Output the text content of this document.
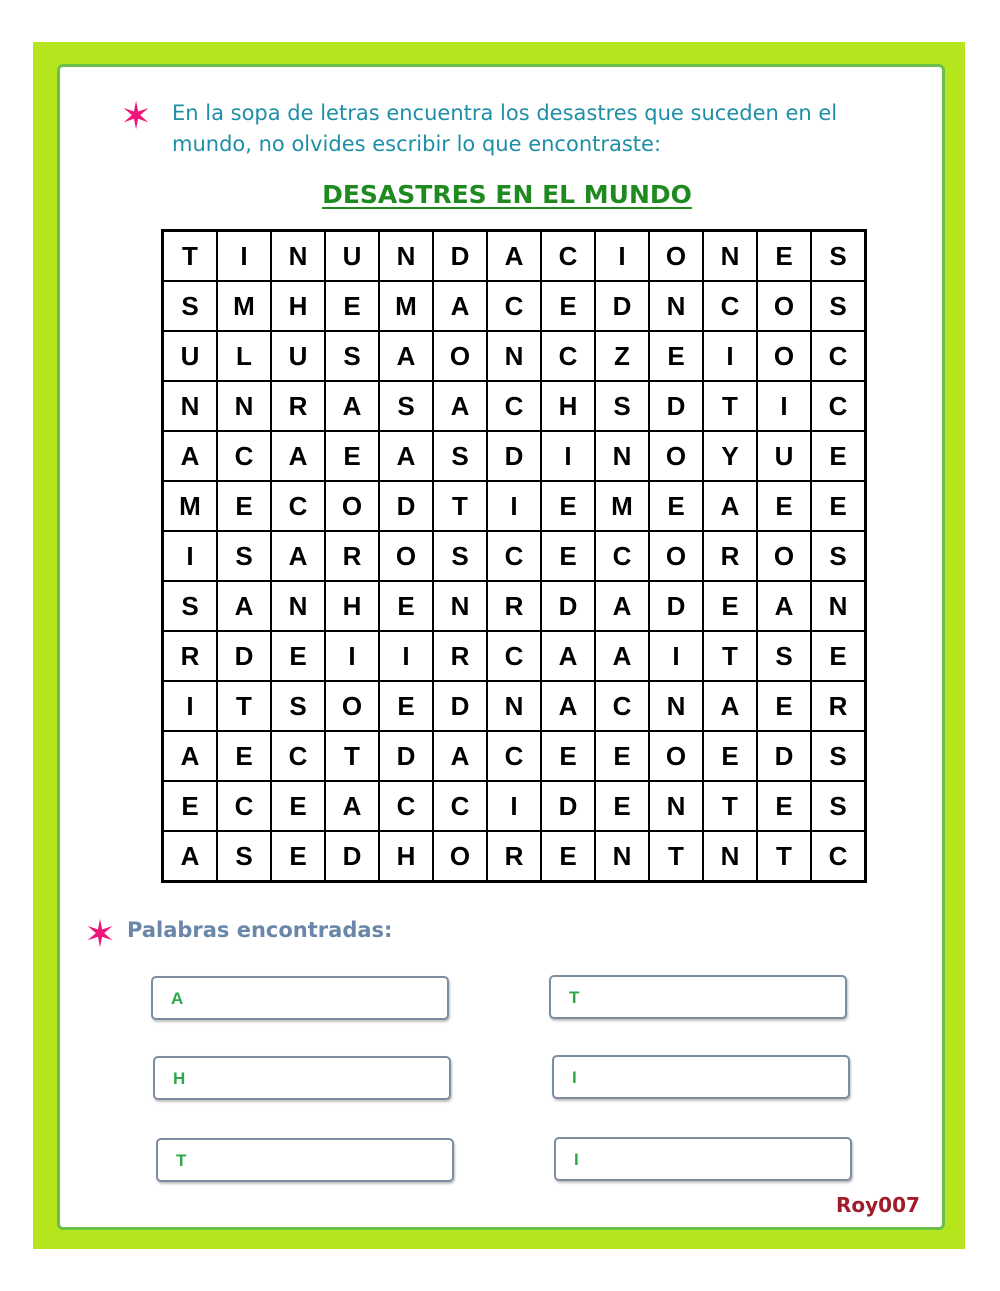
✶ En la sopa de letras encuentra los desastres que suceden en el mundo, no olvides escribir lo que encontraste:
DESASTRES EN EL MUNDO
T	I	N	U	N	D	A	C	I	O	N	E	S
S	M	H	E	M	A	C	E	D	N	C	O	S
U	L	U	S	A	O	N	C	Z	E	I	O	C
N	N	R	A	S	A	C	H	S	D	T	I	C
A	C	A	E	A	S	D	I	N	O	Y	U	E
M	E	C	O	D	T	I	E	M	E	A	E	E
I	S	A	R	O	S	C	E	C	O	R	O	S
S	A	N	H	E	N	R	D	A	D	E	A	N
R	D	E	I	I	R	C	A	A	I	T	S	E
I	T	S	O	E	D	N	A	C	N	A	E	R
A	E	C	T	D	A	C	E	E	O	E	D	S
E	C	E	A	C	C	I	D	E	N	T	E	S
A	S	E	D	H	O	R	E	N	T	N	T	C
✶ Palabras encontradas:
A
H
T
T
I
I
Roy007
